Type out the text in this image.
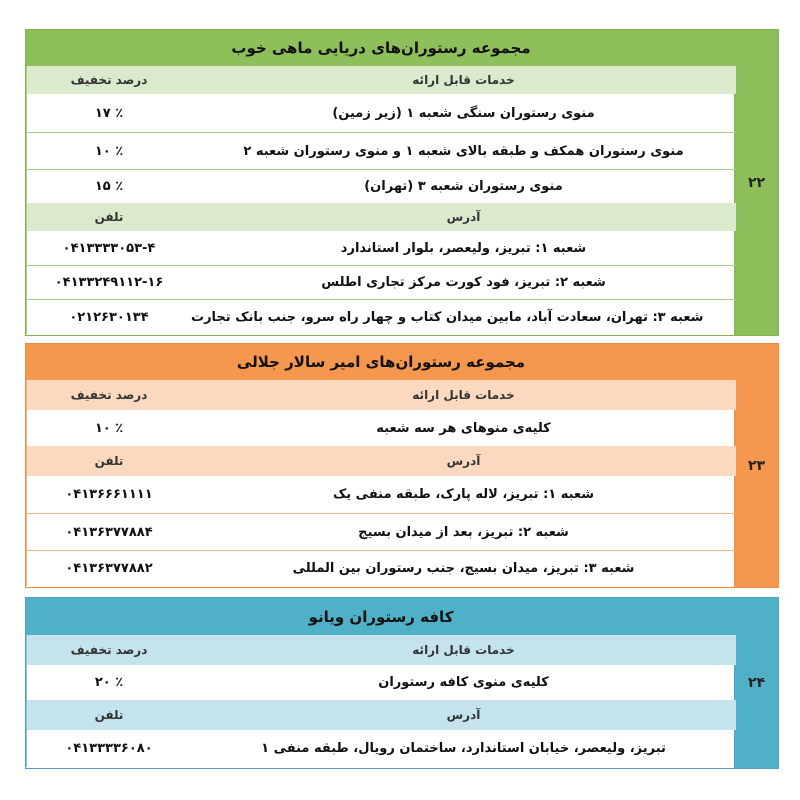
۲۲
مجموعه رستوران‌های دریایی ماهی خوب
خدمات قابل ارائه
درصد تخفیف
منوی رستوران سنگی شعبه ۱ (زیر زمین)
۱۷ ٪
منوی رستوران همکف و طبقه بالای شعبه ۱ و منوی رستوران شعبه ۲
۱۰ ٪
منوی رستوران شعبه ۳ (تهران)
۱۵ ٪
آدرس
تلفن
شعبه ۱: تبریز، ولیعصر، بلوار استاندارد
۰۴۱۳۳۳۳۰۵۳-۴
شعبه ۲: تبریز، فود کورت مرکز تجاری اطلس
۰۴۱۳۳۲۴۹۱۱۲-۱۶
شعبه ۳: تهران، سعادت آباد، مابین میدان کتاب و چهار راه سرو، جنب بانک تجارت
۰۲۱۲۶۳۰۱۳۴
۲۳
مجموعه رستوران‌های امیر سالار جلالی
خدمات قابل ارائه
درصد تخفیف
کلیه‌ی منوهای هر سه شعبه
۱۰ ٪
آدرس
تلفن
شعبه ۱: تبریز، لاله پارک، طبقه منفی یک
۰۴۱۳۶۶۶۱۱۱۱
شعبه ۲: تبریز، بعد از میدان بسیج
۰۴۱۳۶۳۷۷۸۸۴
شعبه ۳: تبریز، میدان بسیج، جنب رستوران بین المللی
۰۴۱۳۶۳۷۷۸۸۲
۲۴
کافه رستوران ویانو
خدمات قابل ارائه
درصد تخفیف
کلیه‌ی منوی کافه رستوران
۲۰ ٪
آدرس
تلفن
تبریز، ولیعصر، خیابان استاندارد، ساختمان رویال، طبقه منفی ۱
۰۴۱۳۳۳۳۶۰۸۰
